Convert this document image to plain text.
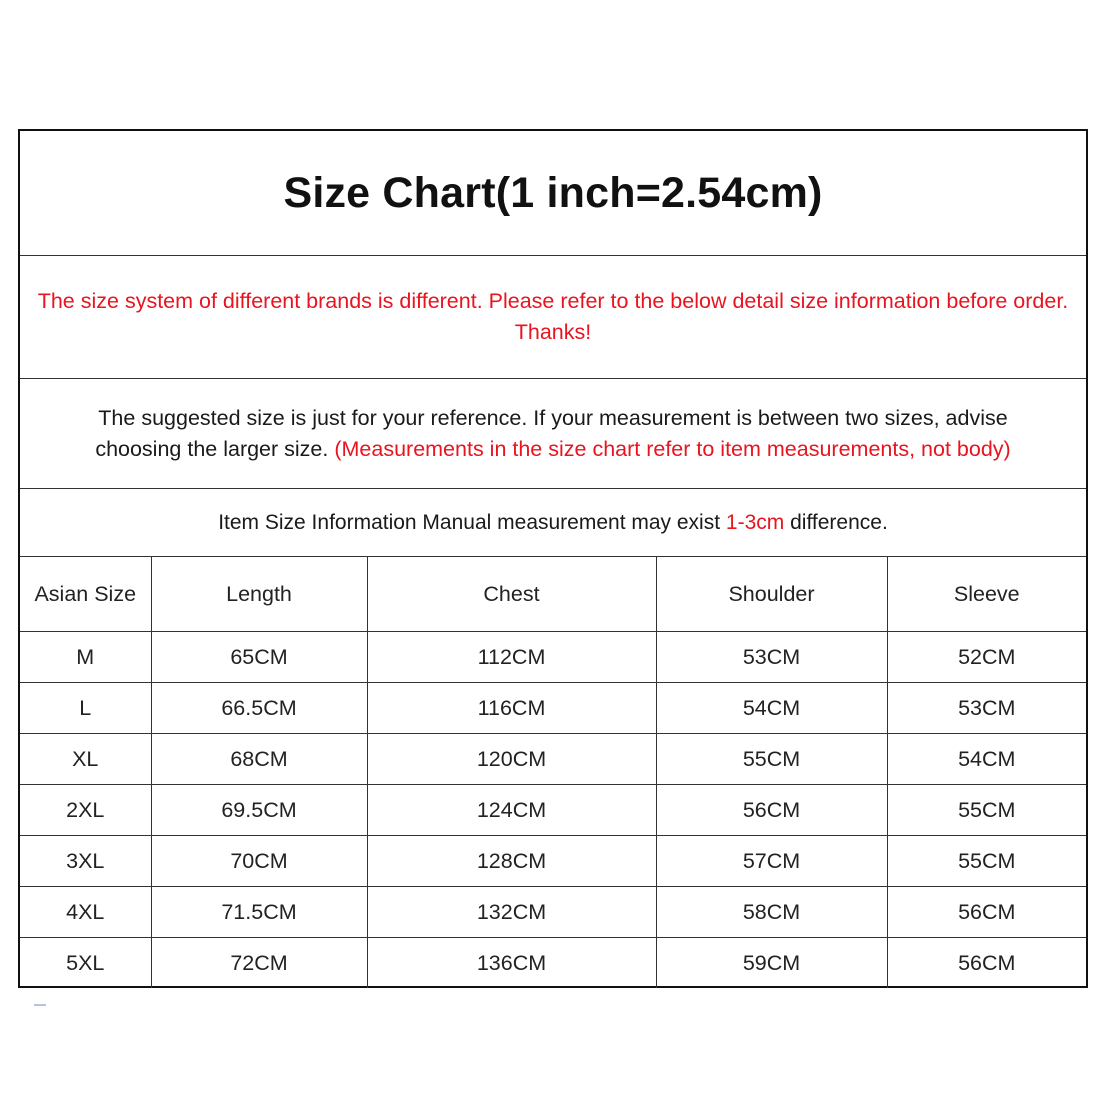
Size Chart(1 inch=2.54cm)
The size system of different brands is different. Please refer to the below detail size information before order. Thanks!
The suggested size is just for your reference. If your measurement is between two sizes, advise choosing the larger size. (Measurements in the size chart refer to item measurements, not body)
Item Size Information Manual measurement may exist 1-3cm difference.
Asian Size	Length	Chest	Shoulder	Sleeve
M	65CM	112CM	53CM	52CM
L	66.5CM	116CM	54CM	53CM
XL	68CM	120CM	55CM	54CM
2XL	69.5CM	124CM	56CM	55CM
3XL	70CM	128CM	57CM	55CM
4XL	71.5CM	132CM	58CM	56CM
5XL	72CM	136CM	59CM	56CM
